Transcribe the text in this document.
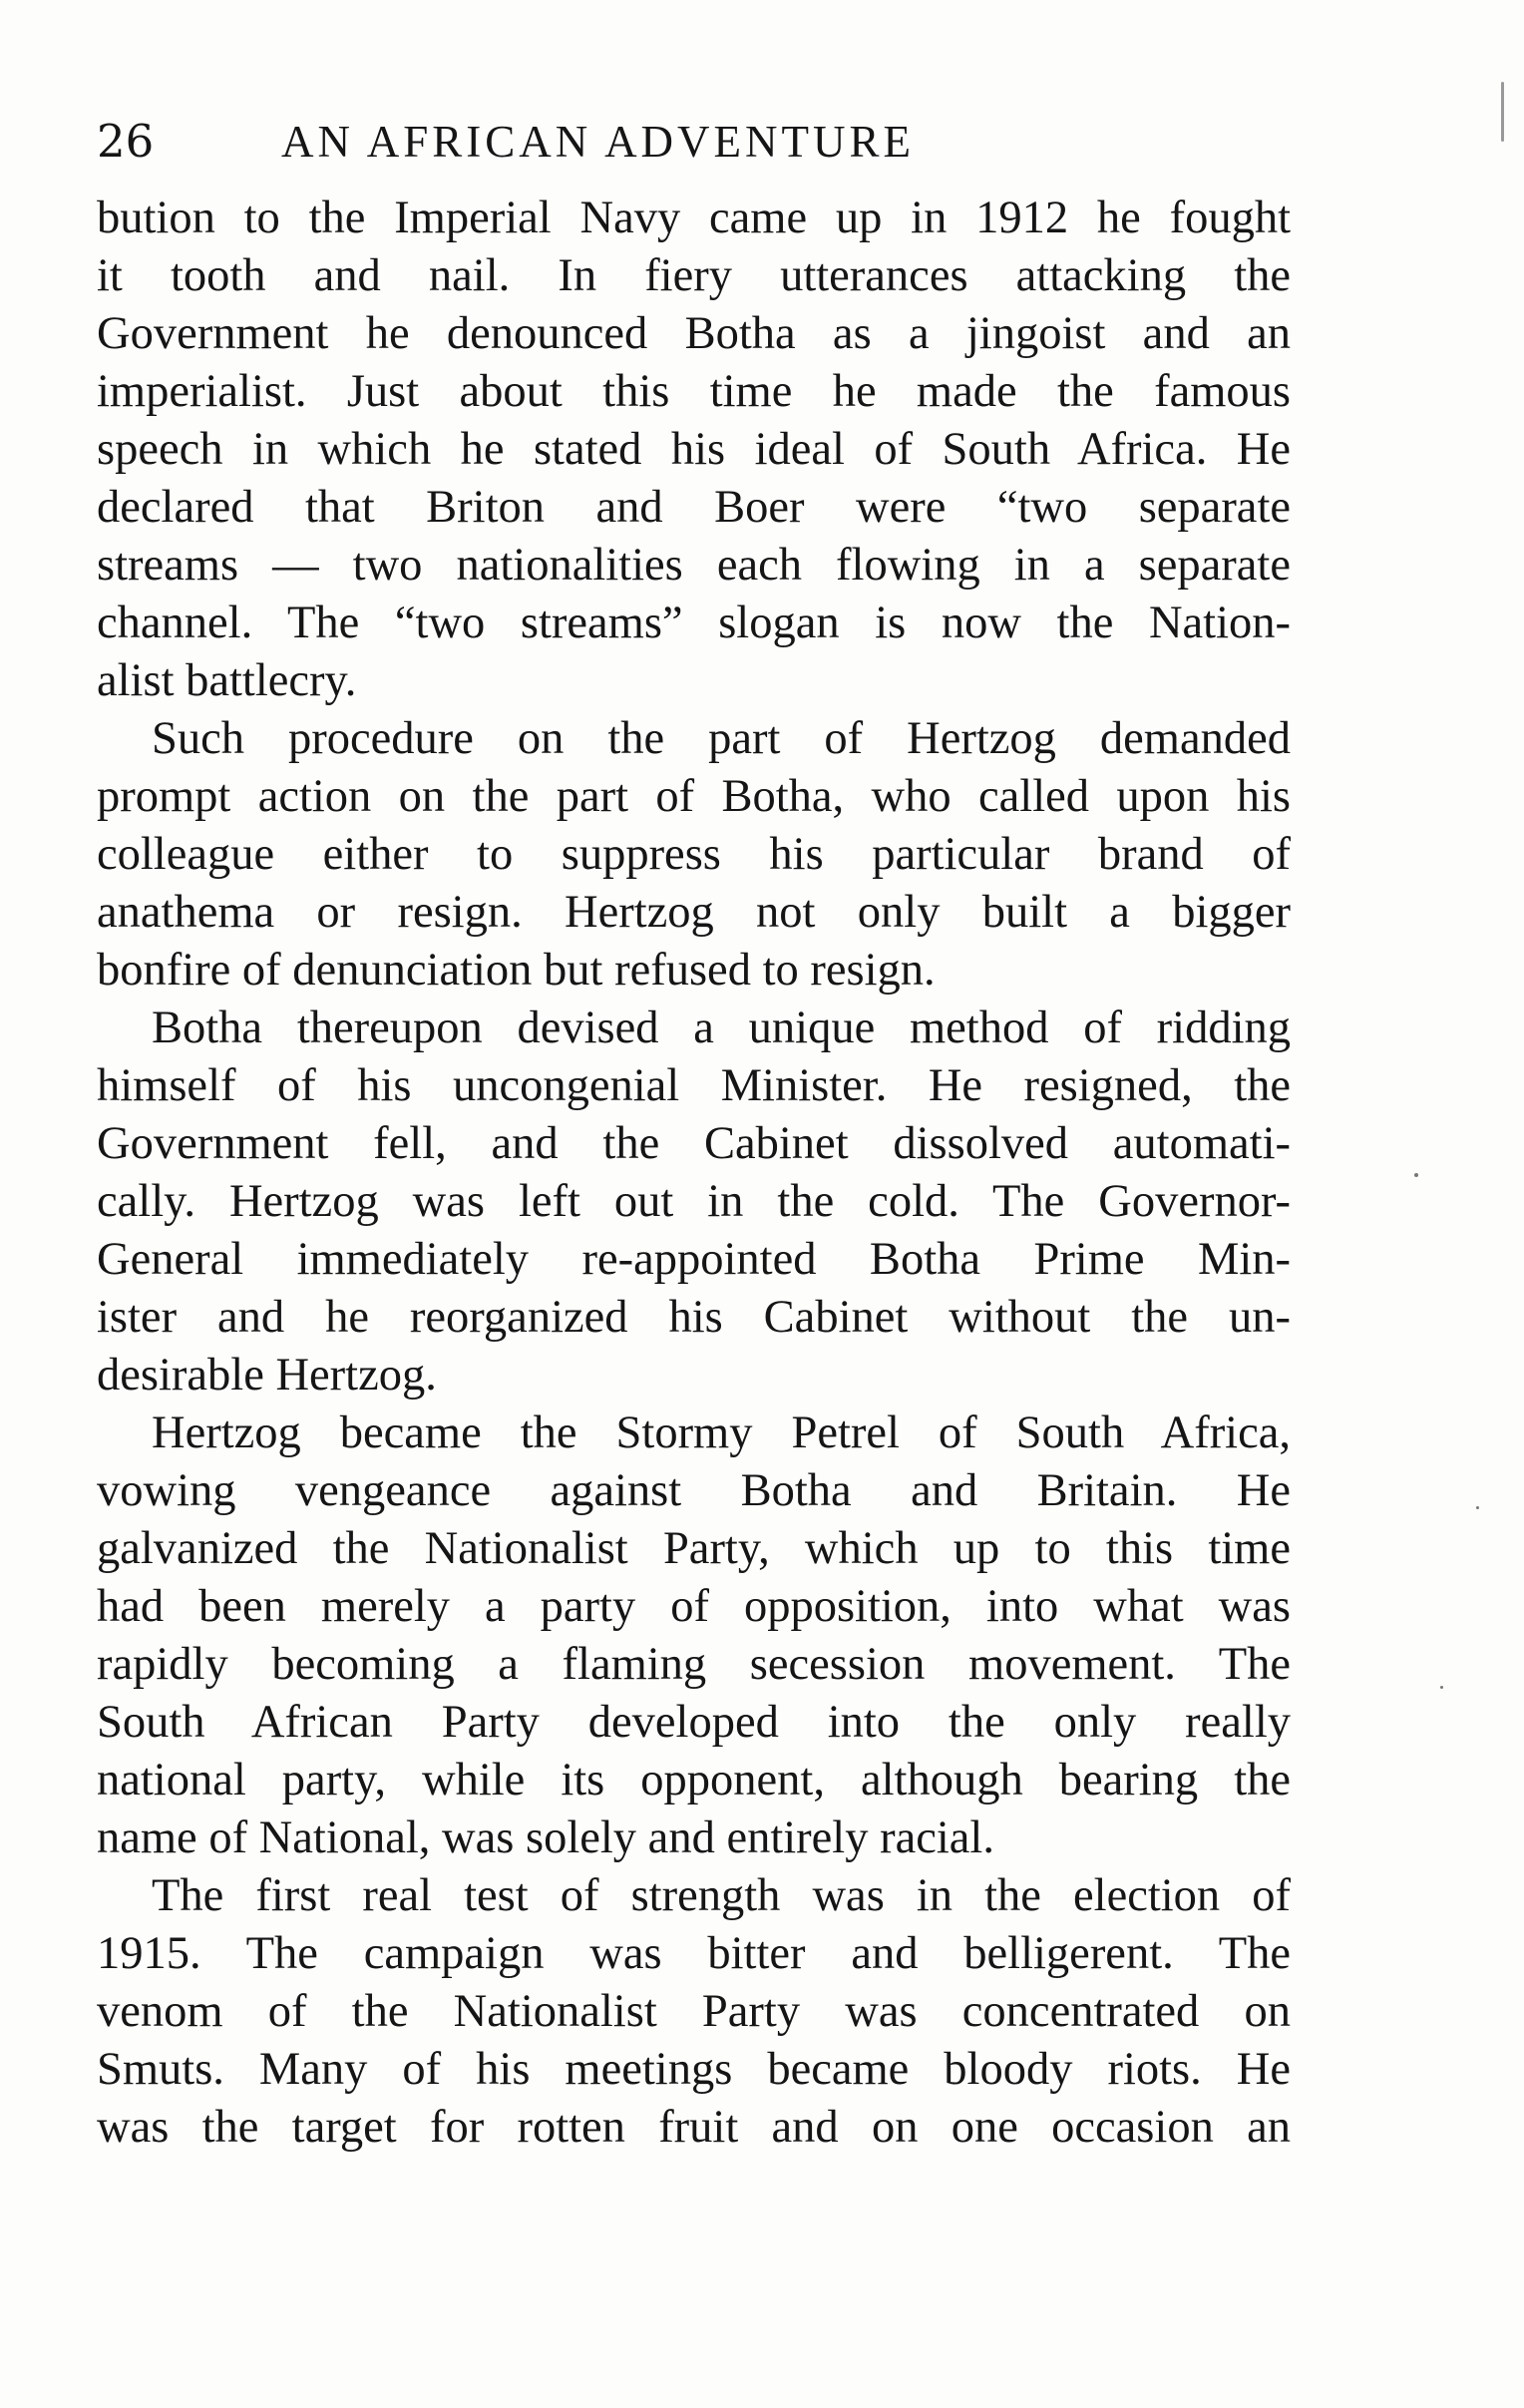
26	AN AFRICAN ADVENTURE
bution to the Imperial Navy came up in 1912 he fought
it tooth and nail. In fiery utterances attacking the
Government he denounced Botha as a jingoist and an
imperialist. Just about this time he made the famous
speech in which he stated his ideal of South Africa. He
declared that Briton and Boer were “two separate
streams — two nationalities each flowing in a separate
channel. The “two streams” slogan is now the Nation-
alist battlecry.
Such procedure on the part of Hertzog demanded
prompt action on the part of Botha, who called upon his
colleague either to suppress his particular brand of
anathema or resign. Hertzog not only built a bigger
bonfire of denunciation but refused to resign.
Botha thereupon devised a unique method of ridding
himself of his uncongenial Minister. He resigned, the
Government fell, and the Cabinet dissolved automati-
cally. Hertzog was left out in the cold. The Governor-
General immediately re-appointed Botha Prime Min-
ister and he reorganized his Cabinet without the un-
desirable Hertzog.
Hertzog became the Stormy Petrel of South Africa,
vowing vengeance against Botha and Britain. He
galvanized the Nationalist Party, which up to this time
had been merely a party of opposition, into what was
rapidly becoming a flaming secession movement. The
South African Party developed into the only really
national party, while its opponent, although bearing the
name of National, was solely and entirely racial.
The first real test of strength was in the election of
1915. The campaign was bitter and belligerent. The
venom of the Nationalist Party was concentrated on
Smuts. Many of his meetings became bloody riots. He
was the target for rotten fruit and on one occasion an
